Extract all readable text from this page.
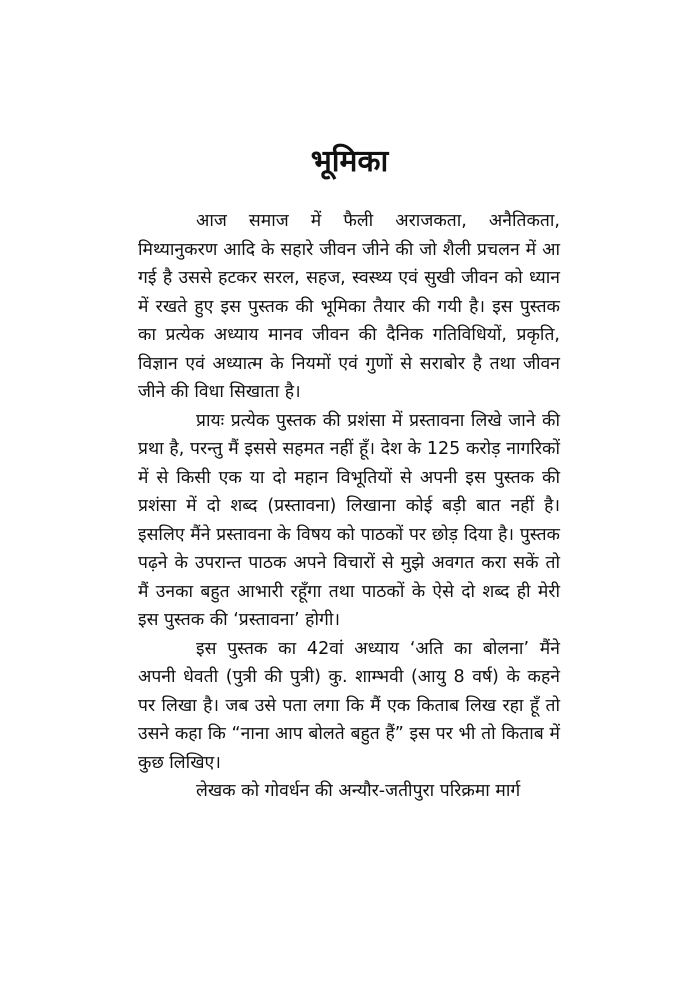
भूमिका

आज समाज में फैली अराजकता, अनैतिकता, मिथ्यानुकरण आदि के सहारे जीवन जीने की जो शैली प्रचलन में आ गई है उससे हटकर सरल, सहज, स्वस्थ्य एवं सुखी जीवन को ध्यान में रखते हुए इस पुस्तक की भूमिका तैयार की गयी है। इस पुस्तक का प्रत्येक अध्याय मानव जीवन की दैनिक गतिविधियों, प्रकृति, विज्ञान एवं अध्यात्म के नियमों एवं गुणों से सराबोर है तथा जीवन जीने की विधा सिखाता है।

प्रायः प्रत्येक पुस्तक की प्रशंसा में प्रस्तावना लिखे जाने की प्रथा है, परन्तु मैं इससे सहमत नहीं हूँ। देश के 125 करोड़ नागरिकों में से किसी एक या दो महान विभूतियों से अपनी इस पुस्तक की प्रशंसा में दो शब्द (प्रस्तावना) लिखाना कोई बड़ी बात नहीं है। इसलिए मैंने प्रस्तावना के विषय को पाठकों पर छोड़ दिया है। पुस्तक पढ़ने के उपरान्त पाठक अपने विचारों से मुझे अवगत करा सकें तो मैं उनका बहुत आभारी रहूँगा तथा पाठकों के ऐसे दो शब्द ही मेरी इस पुस्तक की ‘प्रस्तावना’ होगी।

इस पुस्तक का 42वां अध्याय ‘अति का बोलना’ मैंने अपनी धेवती (पुत्री की पुत्री) कु. शाम्भवी (आयु 8 वर्ष) के कहने पर लिखा है। जब उसे पता लगा कि मैं एक किताब लिख रहा हूँ तो उसने कहा कि “नाना आप बोलते बहुत हैं” इस पर भी तो किताब में कुछ लिखिए।

लेखक को गोवर्धन की अन्यौर-जतीपुरा परिक्रमा मार्ग
